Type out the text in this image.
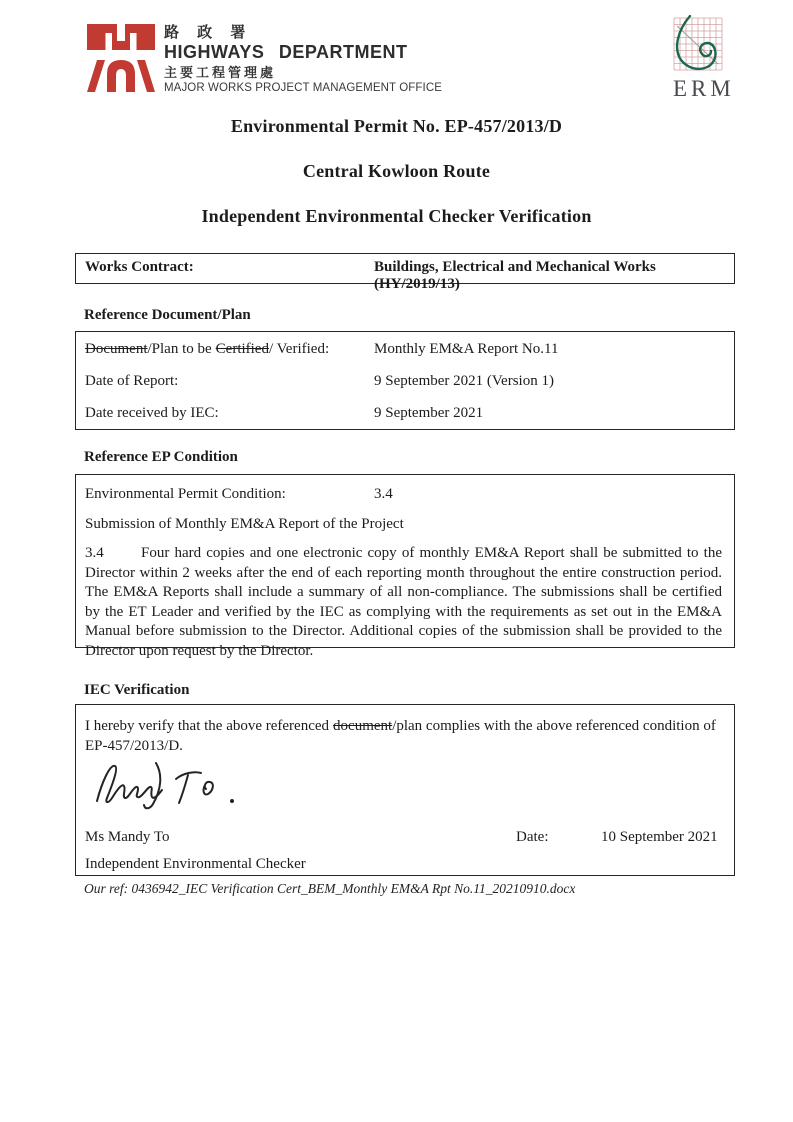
路 政 署
HIGHWAYS DEPARTMENT
主要工程管理處
MAJOR WORKS PROJECT MANAGEMENT OFFICE	ERM
Environmental Permit No. EP-457/2013/D
Central Kowloon Route
Independent Environmental Checker Verification
Works Contract:	Buildings, Electrical and Mechanical Works  (HY/2019/13)
Reference Document/Plan
Document/Plan to be Certified/ Verified:	Monthly EM&A Report No.11
Date of Report:	9 September 2021 (Version 1)
Date received by IEC:	9 September 2021
Reference EP Condition
Environmental Permit Condition:	3.4
Submission of Monthly EM&A Report of the Project
3.4 Four hard copies and one electronic copy of monthly EM&A Report shall be submitted to the Director within 2 weeks after the end of each reporting month throughout the entire construction period. The EM&A Reports shall include a summary of all non-compliance. The submissions shall be certified by the ET Leader and verified by the IEC as complying with the requirements as set out in the EM&A Manual before submission to the Director. Additional copies of the submission shall be provided to the Director upon request by the Director.
IEC Verification
I hereby verify that the above referenced document/plan complies with the above referenced condition of EP-457/2013/D.
Ms Mandy To	Date:	10 September 2021
Independent Environmental Checker
Our ref: 0436942_IEC Verification Cert_BEM_Monthly EM&A Rpt No.11_20210910.docx
